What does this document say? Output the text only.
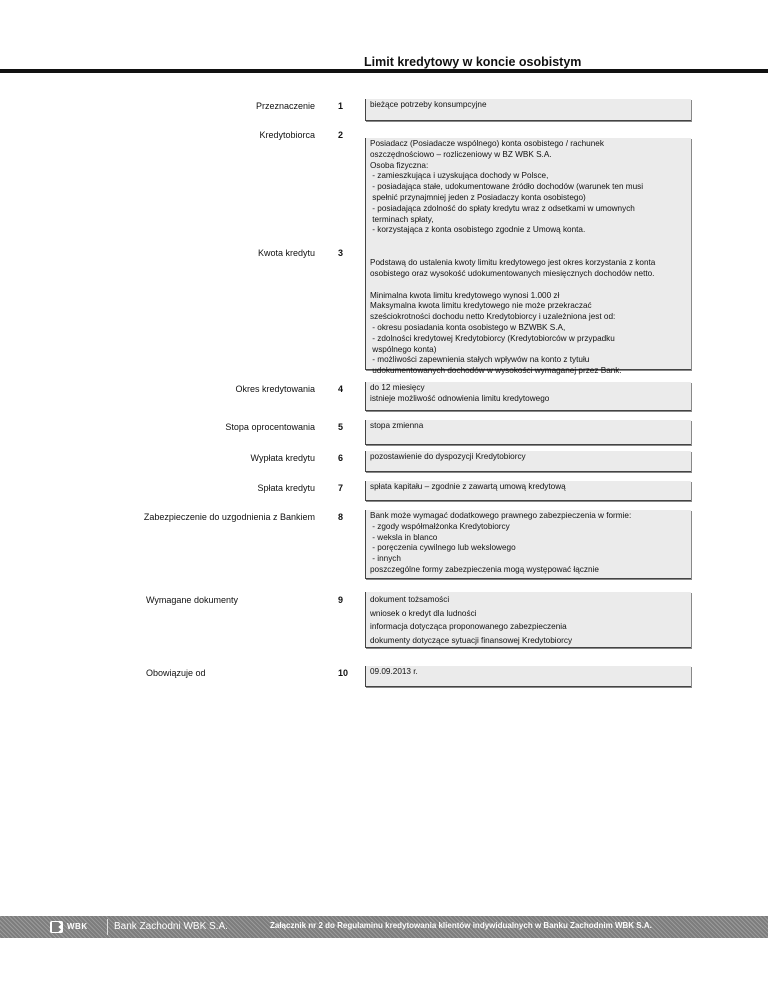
Limit kredytowy w koncie osobistym
Przeznaczenie	1	bieżące potrzeby konsumpcyjne
Kredytobiorca	2
Posiadacz (Posiadacze wspólnego) konta osobistego / rachunek
oszczędnościowo – rozliczeniowy w BZ WBK S.A.
Osoba fizyczna:
- zamieszkująca i uzyskująca dochody w Polsce,
- posiadająca stałe, udokumentowane źródło dochodów (warunek ten musi
spełnić przynajmniej jeden z Posiadaczy konta osobistego)
- posiadająca zdolność do spłaty kredytu wraz z odsetkami w umownych
terminach spłaty,
- korzystająca z konta osobistego zgodnie z Umową konta.
Kwota kredytu	3
Podstawą do ustalenia kwoty limitu kredytowego jest okres korzystania z konta
osobistego oraz wysokość udokumentowanych miesięcznych dochodów netto.
Minimalna kwota limitu kredytowego wynosi 1.000 zł
Maksymalna kwota limitu kredytowego nie może przekraczać
sześciokrotności dochodu netto Kredytobiorcy i uzależniona jest od:
- okresu posiadania konta osobistego w BZWBK S.A,
- zdolności kredytowej Kredytobiorcy (Kredytobiorców w przypadku
wspólnego konta)
- możliwości zapewnienia stałych wpływów na konto z tytułu
udokumentowanych dochodów w wysokości wymaganej przez Bank.
Okres kredytowania	4	do 12 miesięcy
istnieje możliwość odnowienia limitu kredytowego
Stopa oprocentowania	5	stopa zmienna
Wypłata kredytu	6	pozostawienie do dyspozycji Kredytobiorcy
Spłata kredytu	7	spłata kapitału – zgodnie z zawartą umową kredytową
Zabezpieczenie do uzgodnienia z Bankiem	8	Bank może wymagać dodatkowego prawnego zabezpieczenia w formie:
- zgody współmałżonka Kredytobiorcy
- weksla in blanco
- poręczenia cywilnego lub wekslowego
- innych
poszczególne formy zabezpieczenia mogą występować łącznie
Wymagane dokumenty	9	dokument tożsamości
wniosek o kredyt dla ludności
informacja dotycząca proponowanego zabezpieczenia
dokumenty dotyczące sytuacji finansowej Kredytobiorcy
Obowiązuje od	10	09.09.2013 r.
WBK	Bank Zachodni WBK S.A.	Załącznik nr 2 do Regulaminu kredytowania klientów indywidualnych w Banku Zachodnim WBK S.A.
